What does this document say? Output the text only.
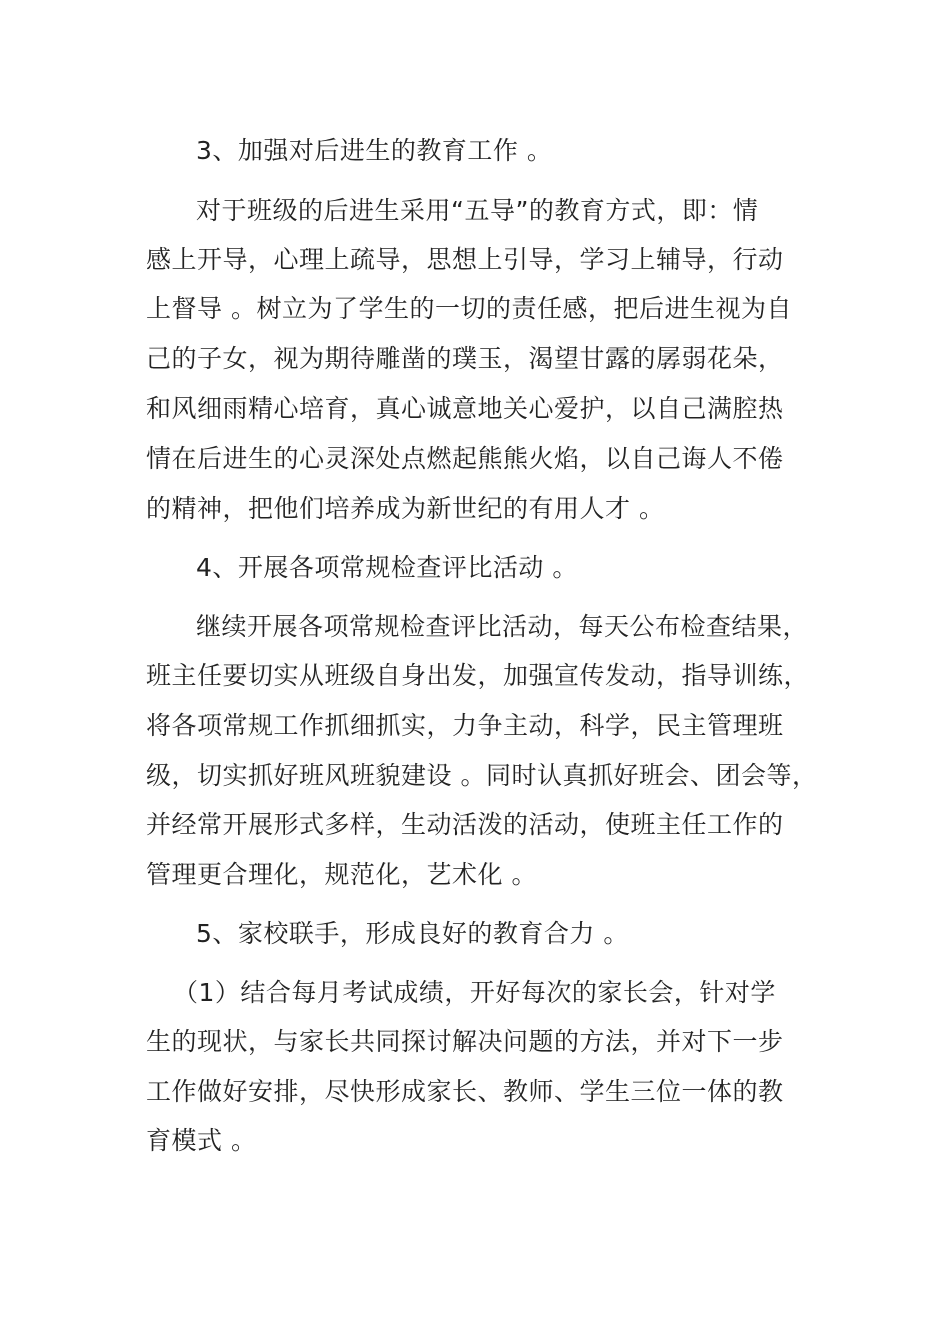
3、加强对后进生的教育工作 。
对于班级的后进生采用“五导”的教育方式，即：情
感上开导，心理上疏导，思想上引导，学习上辅导，行动
上督导 。树立为了学生的一切的责任感，把后进生视为自
己的子女，视为期待雕凿的璞玉，渴望甘露的孱弱花朵，
和风细雨精心培育，真心诚意地关心爱护，以自己满腔热
情在后进生的心灵深处点燃起熊熊火焰，以自己诲人不倦
的精神，把他们培养成为新世纪的有用人才 。
4、开展各项常规检查评比活动 。
继续开展各项常规检查评比活动，每天公布检查结果，
班主任要切实从班级自身出发，加强宣传发动，指导训练，
将各项常规工作抓细抓实，力争主动，科学，民主管理班
级，切实抓好班风班貌建设 。同时认真抓好班会、团会等，
并经常开展形式多样，生动活泼的活动，使班主任工作的
管理更合理化，规范化，艺术化 。
5、家校联手，形成良好的教育合力 。
（1）结合每月考试成绩，开好每次的家长会，针对学
生的现状，与家长共同探讨解决问题的方法，并对下一步
工作做好安排，尽快形成家长、教师、学生三位一体的教
育模式 。
